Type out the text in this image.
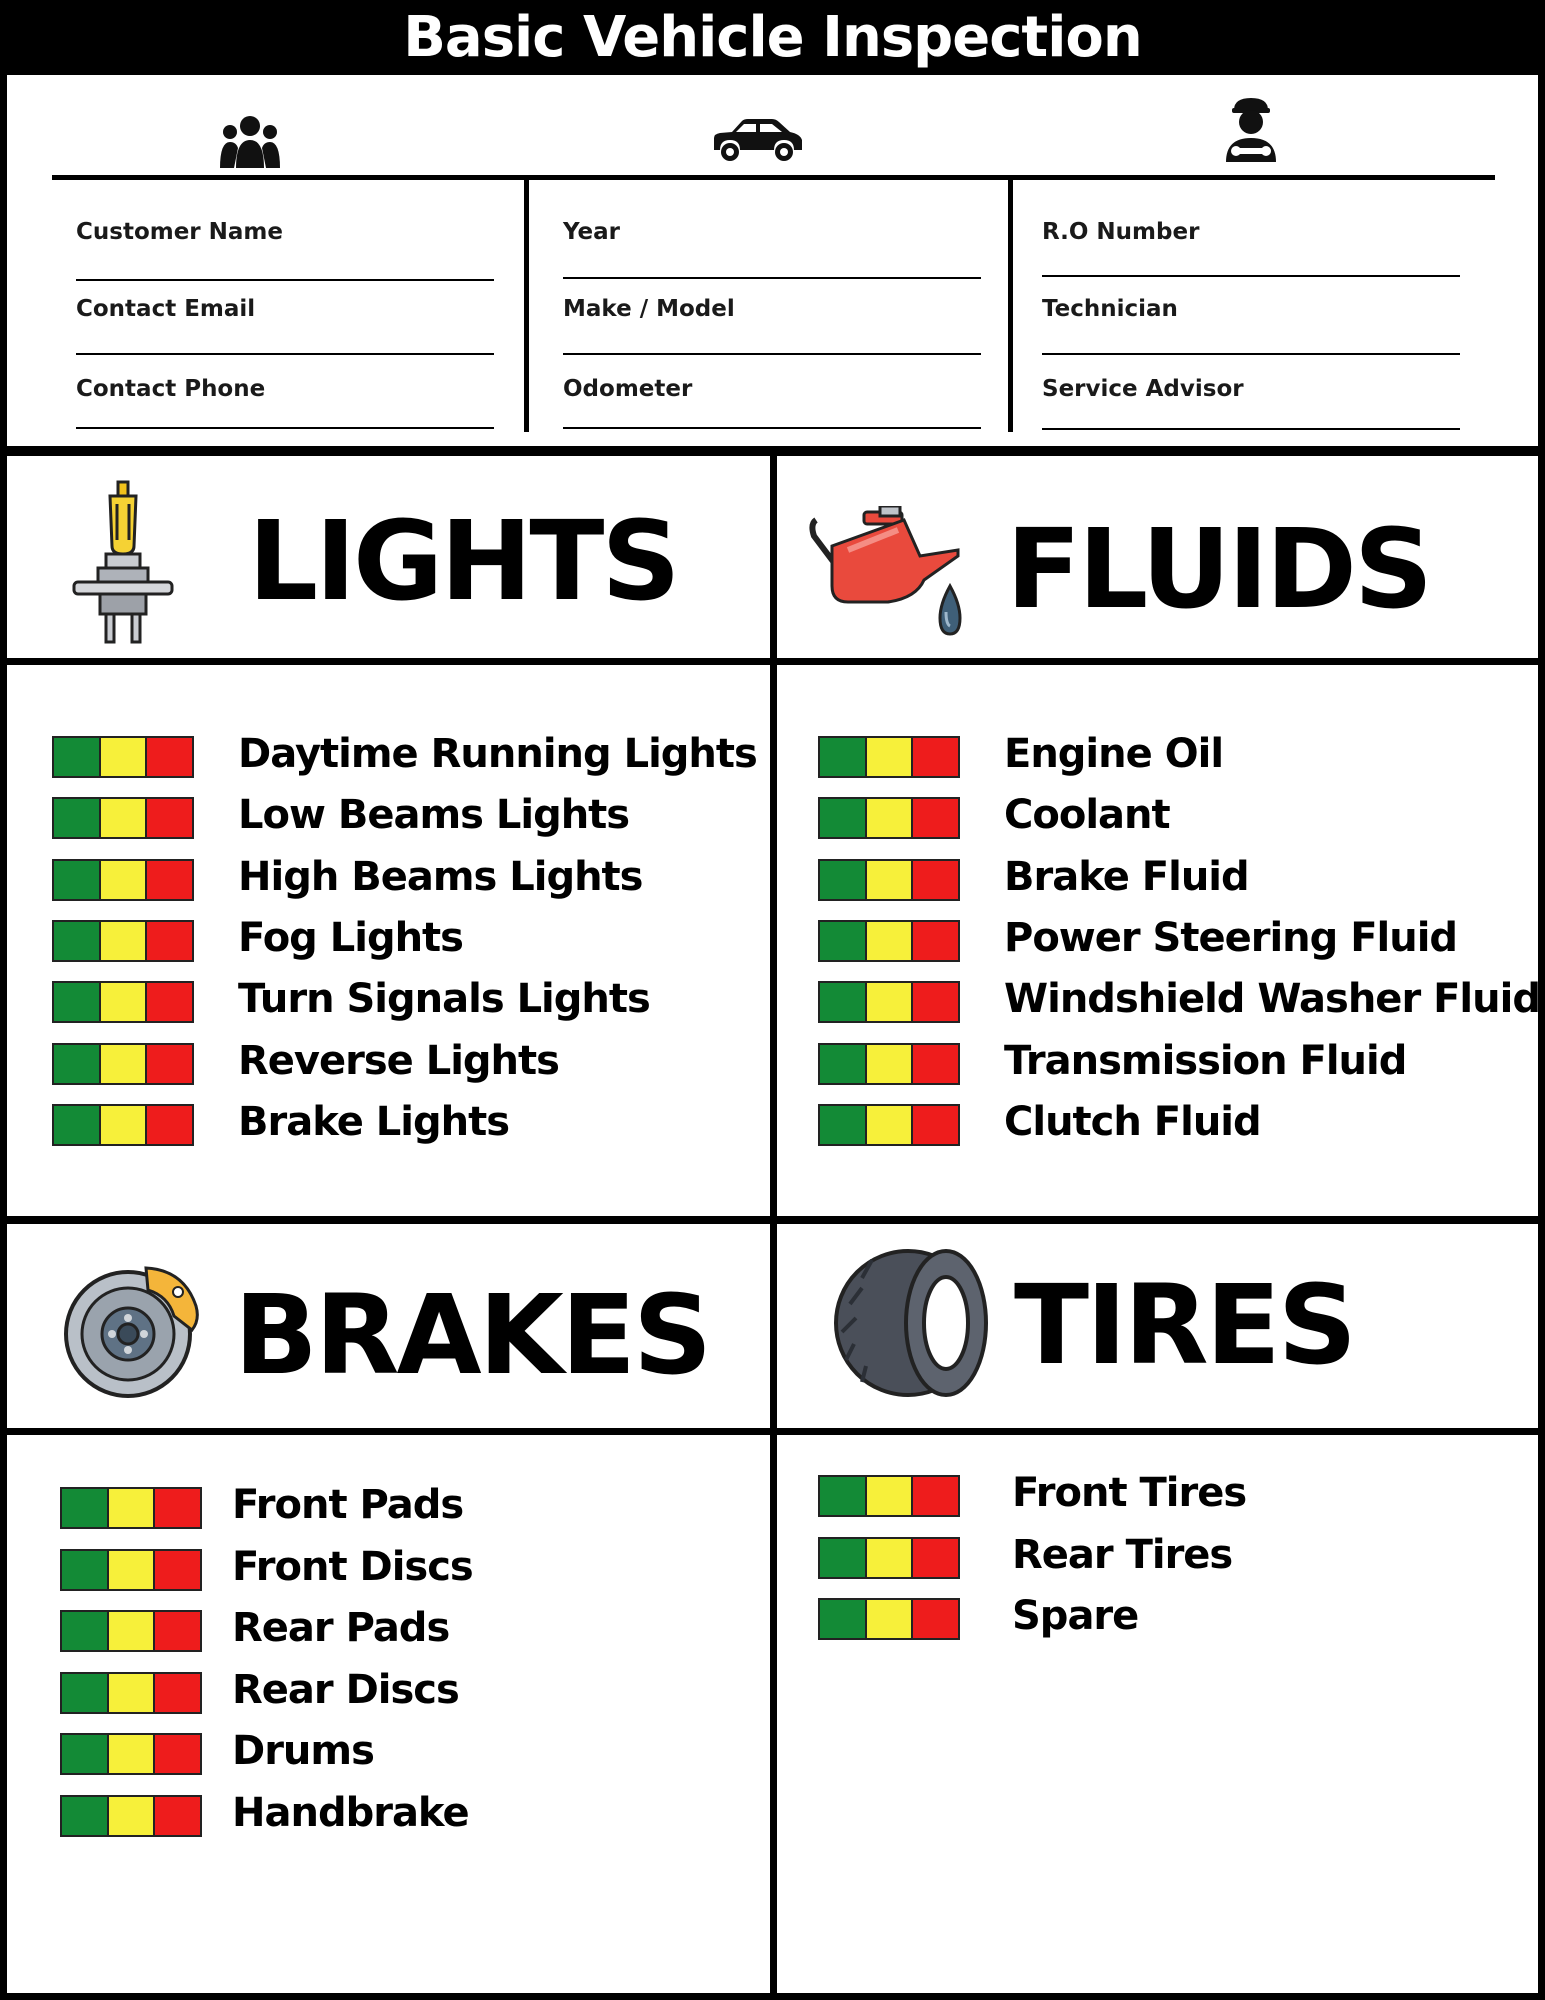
Basic Vehicle Inspection
Customer Name
Contact Email
Contact Phone
Year
Make / Model
Odometer
R.O Number
Technician
Service Advisor
LIGHTS	FLUIDS
BRAKES	TIRES
Daytime Running Lights
Low Beams Lights
High Beams Lights
Fog Lights
Turn Signals Lights
Reverse Lights
Brake Lights
Engine Oil
Coolant
Brake Fluid
Power Steering Fluid
Windshield Washer Fluid
Transmission Fluid
Clutch Fluid
Front Pads
Front Discs
Rear Pads
Rear Discs
Drums
Handbrake
Front Tires
Rear Tires
Spare
